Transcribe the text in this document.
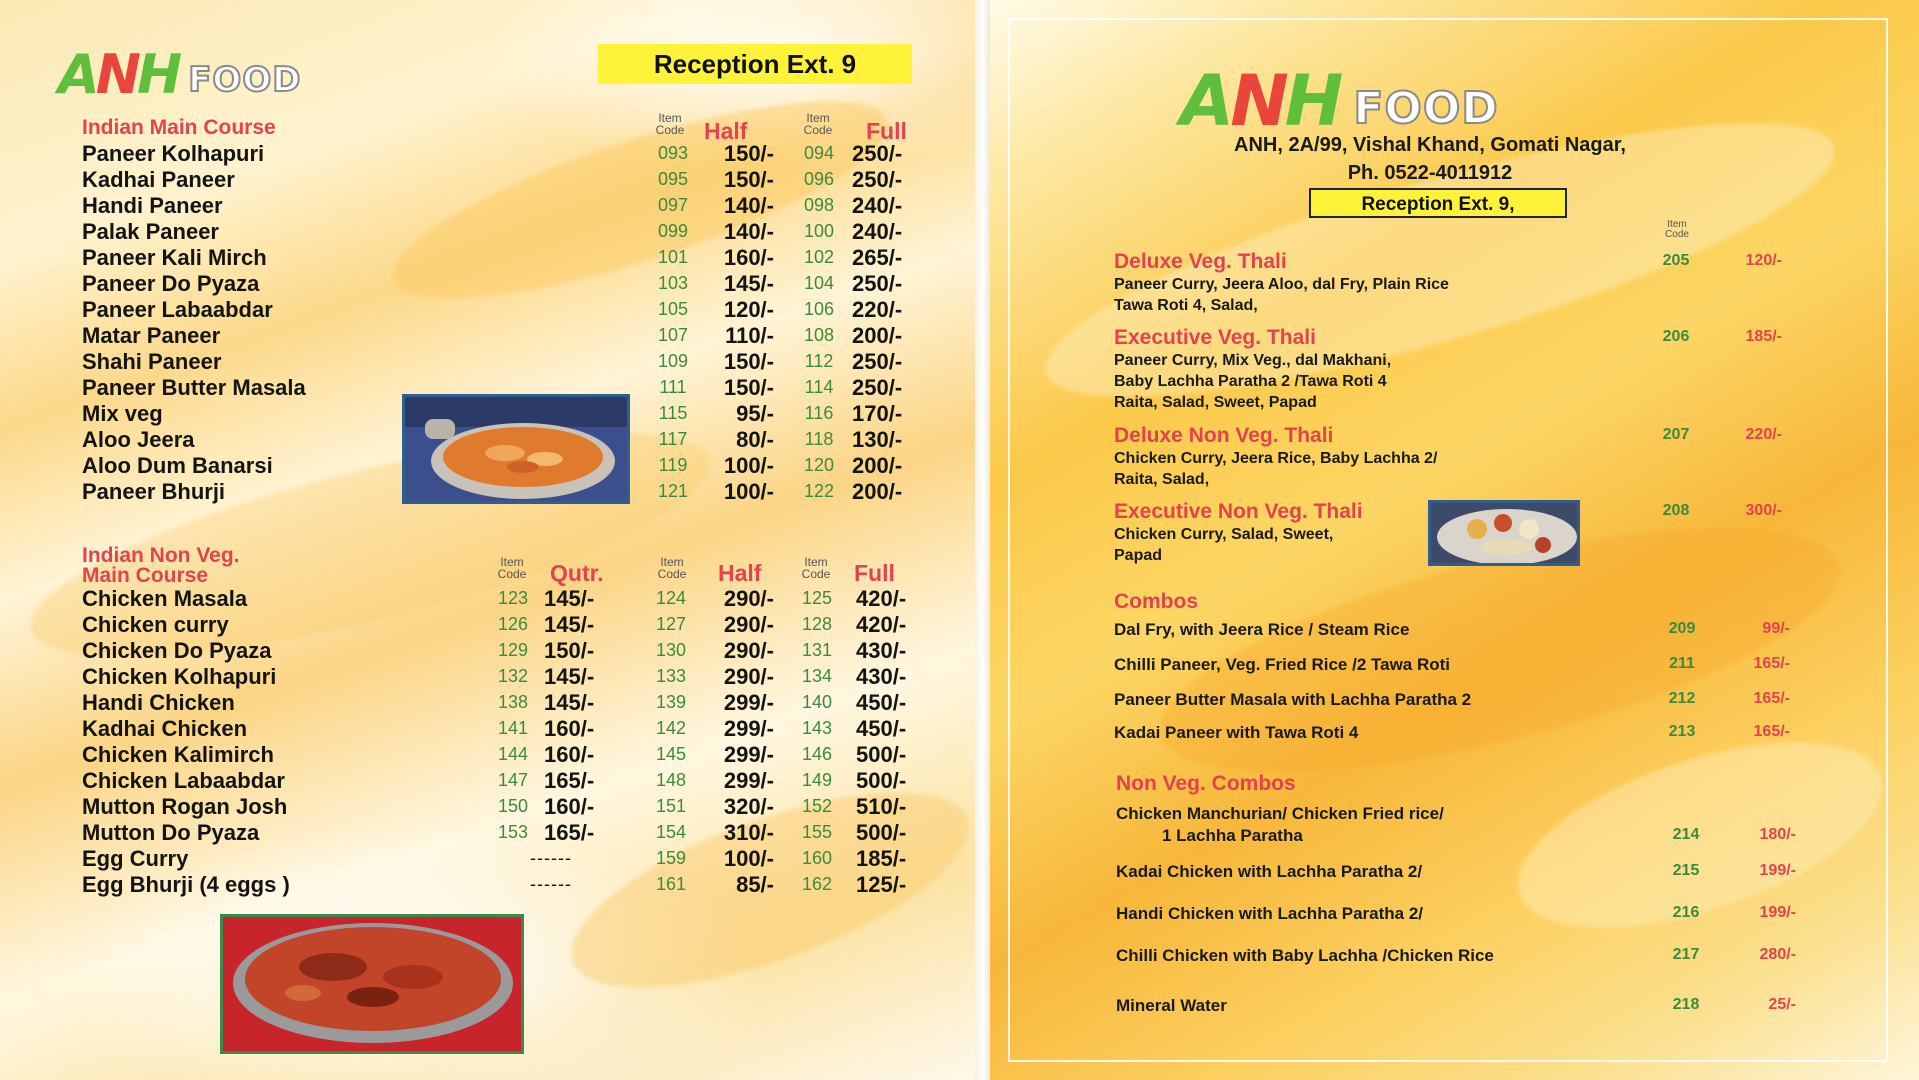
ANH FOOD	Reception Ext. 9
Indian Main Course	Item Code Half	Item Code	Full
Paneer Kolhapuri	093	150/-	094 250/-
Kadhai Paneer	095	150/-	096 250/-
Handi Paneer	097	140/-	098 240/-
Palak Paneer	099	140/-	100 240/-
Paneer Kali Mirch	101	160/-	102 265/-
Paneer Do Pyaza	103	145/-	104 250/-
Paneer Labaabdar	105	120/-	106 220/-
Matar Paneer	107	110/-	108 200/-
Shahi Paneer	109	150/-	112 250/-
Paneer Butter Masala	111	150/-	114 250/-
Mix veg	115	95/-	116 170/-
Aloo Jeera	117	80/-	118 130/-
Aloo Dum Banarsi	119	100/-	120 200/-
Paneer Bhurji	121	100/-	122 200/-
Indian Non Veg.
Main Course
Item Code	Qutr.	Item Code	Half	Item Code	Full
Chicken Masala	123 145/-	124	290/-	125	420/-
Chicken curry	126 145/-	127	290/-	128	420/-
Chicken Do Pyaza	129 150/-	130	290/-	131	430/-
Chicken Kolhapuri	132 145/-	133	290/-	134	430/-
Handi Chicken	138 145/-	139	299/-	140	450/-
Kadhai Chicken	141 160/-	142	299/-	143	450/-
Chicken Kalimirch	144 160/-	145	299/-	146	500/-
Chicken Labaabdar	147 165/-	148	299/-	149	500/-
Mutton Rogan Josh	150 160/-	151	320/-	152	510/-
Mutton Do Pyaza	153 165/-	154	310/-	155	500/-
Egg Curry	------	159	100/-	160	185/-
Egg Bhurji (4 eggs )	------	161	85/-	162	125/-
ANH FOOD
ANH, 2A/99, Vishal Khand, Gomati Nagar,
Ph. 0522-4011912
Reception Ext. 9,
Item Code
Deluxe Veg. Thali
Paneer Curry, Jeera Aloo, dal Fry, Plain Rice
Tawa Roti 4, Salad,
205	120/-
Executive Veg. Thali
Paneer Curry, Mix Veg., dal Makhani,
Baby Lachha Paratha 2 /Tawa Roti 4
Raita, Salad, Sweet, Papad
206	185/-
Deluxe Non Veg. Thali
Chicken Curry, Jeera Rice, Baby Lachha 2/
Raita, Salad,
207	220/-
Executive Non Veg. Thali
Chicken Curry, Salad, Sweet,
Papad
208	300/-
Combos
Dal Fry, with Jeera Rice / Steam Rice	209	99/-
Chilli Paneer, Veg. Fried Rice /2 Tawa Roti	211	165/-
Paneer Butter Masala with Lachha Paratha 2	212	165/-
Kadai Paneer with Tawa Roti 4	213	165/-
Non Veg. Combos
Chicken Manchurian/ Chicken Fried rice/
1 Lachha Paratha	214	180/-
Kadai Chicken with Lachha Paratha 2/	215	199/-
Handi Chicken with Lachha Paratha 2/	216	199/-
Chilli Chicken with Baby Lachha /Chicken Rice	217	280/-
Mineral Water	218	25/-
